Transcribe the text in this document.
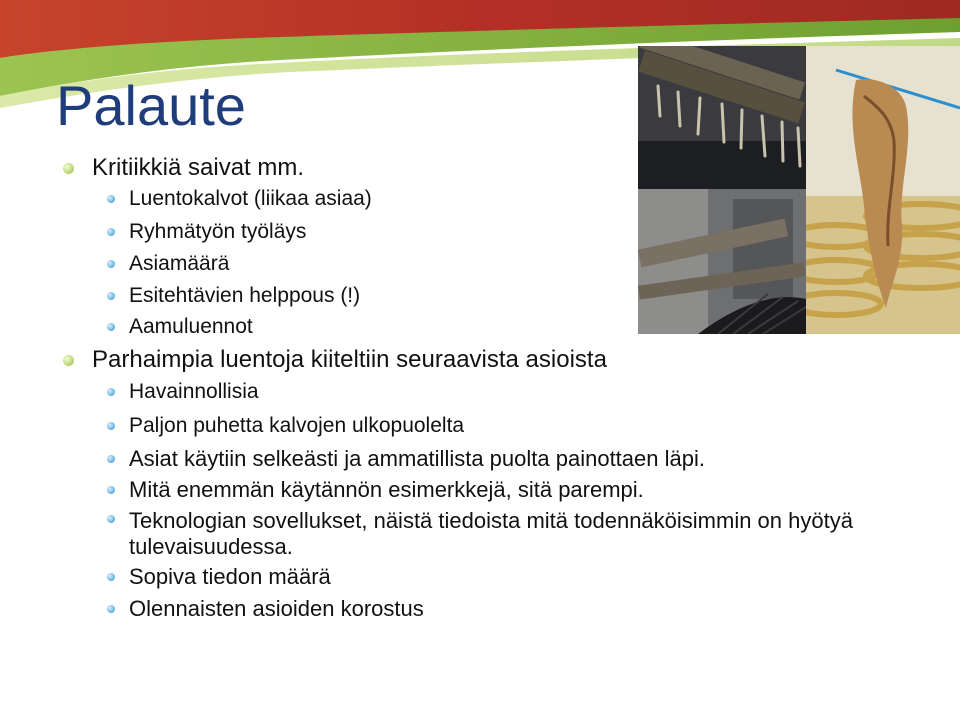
Palaute
Kritiikkiä saivat mm.
Luentokalvot (liikaa asiaa)
Ryhmätyön työläys
Asiamäärä
Esitehtävien helppous (!)
Aamuluennot
Parhaimpia luentoja kiiteltiin seuraavista asioista
Havainnollisia
Paljon puhetta kalvojen ulkopuolelta
Asiat käytiin selkeästi ja ammatillista puolta painottaen läpi.
Mitä enemmän käytännön esimerkkejä, sitä parempi.
Teknologian sovellukset, näistä tiedoista mitä todennäköisimmin on hyötyä tulevaisuudessa.
Sopiva tiedon määrä
Olennaisten asioiden korostus
